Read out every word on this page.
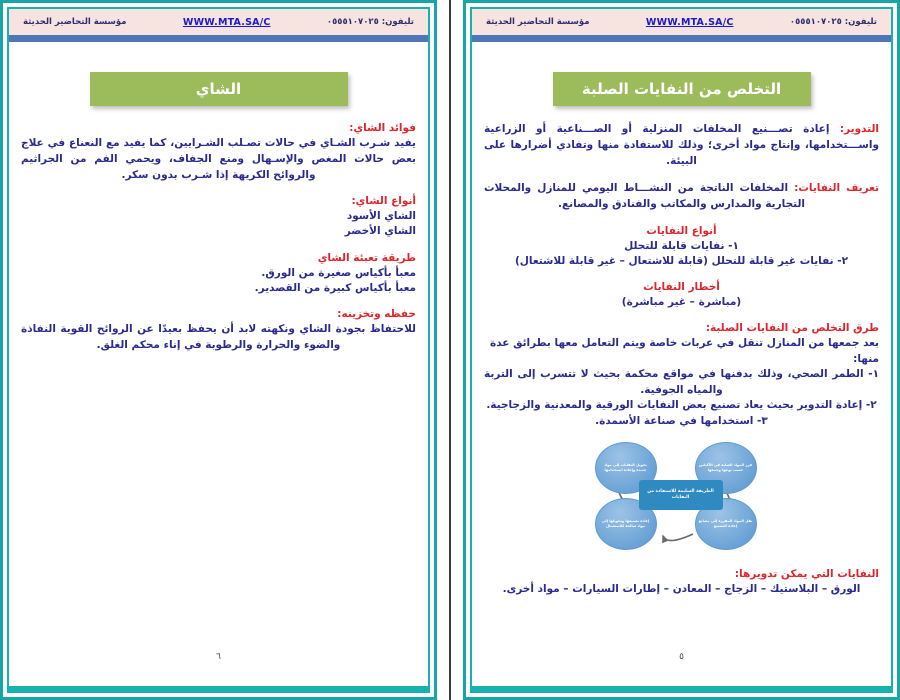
مؤسسة التحاضير الحديثة	WWW.MTA.SA/C	تليفون: ٠٥٥٥١٠٧٠٢٥
الشاي

فوائد الشاي:

يفيد شـرب الشـاي في حالات تصـلب الشـرايين، كما يفيد مع النعناع في علاج بعض حالات المغص والإسـهال ومنع الجفاف، ويحمي الفم من الجراثيم والروائح الكريهة إذا شـرب بدون سكر.

أنواع الشاي:

الشاي الأسود

الشاي الأخضر

طريقة تعبئة الشاي

معبأ بأكياس صغيرة من الورق.

معبأ بأكياس كبيرة من القصدير.

حفظه وتخزينه:

للاحتفاظ بجودة الشاي ونكهته لابد أن يحفظ بعيدًا عن الروائح القوية النفاذة والضوء والحرارة والرطوبة في إناء محكم الغلق.

٦
مؤسسة التحاضير الحديثة	WWW.MTA.SA/C	تليفون: ٠٥٥٥١٠٧٠٢٥
التخلص من النفايات الصلبة

التدوير: إعادة تصـــنيع المخلفات المنزلية أو الصـــناعية أو الزراعية واســـتخدامها، وإنتاج مواد أخرى؛ وذلك للاستفادة منها وتفادي أضرارها على البيئة.

تعريف النفايات: المخلفات الناتجة من النشـــاط اليومي للمنازل والمحلات التجارية والمدارس والمكاتب والفنادق والمصانع.

أنواع النفايات

١- نفايات قابلة للتحلل

٢- نفايات غير قابلة للتحلل (قابلة للاشتعال – غير قابلة للاشتعال)

أخطار النفايات

(مباشرة – غير مباشرة)

طرق التخلص من النفايات الصلبة:

بعد جمعها من المنازل تنقل في عربات خاصة ويتم التعامل معها بطرائق عدة منها:

١- الطمر الصحي، وذلك بدفنها في مواقع محكمة بحيث لا تتسرب إلى التربة والمياه الجوفية.
٢- إعادة التدوير بحيث يعاد تصنيع بعض النفايات الورقية والمعدنية والزجاجية.
٣- استخدامها في صناعة الأسمدة.
١
فرز المواد الصلبة في الأكياس حسب نوعها وجمعها
نقل المواد المفرزة إلى مصانع إعادة التصنيع
٣
إعادة تصنيعها وتحويلها إلى مواد صالحة للاستعمال
٤
تحويل النفايات إلى مواد جديدة وإعادة استخدامها
الطريقة السليمة للاستفادة من النفايات

النفايات التي يمكن تدويرها:

الورق – البلاستيك – الزجاج – المعادن – إطارات السيارات – مواد أخرى.

٥
